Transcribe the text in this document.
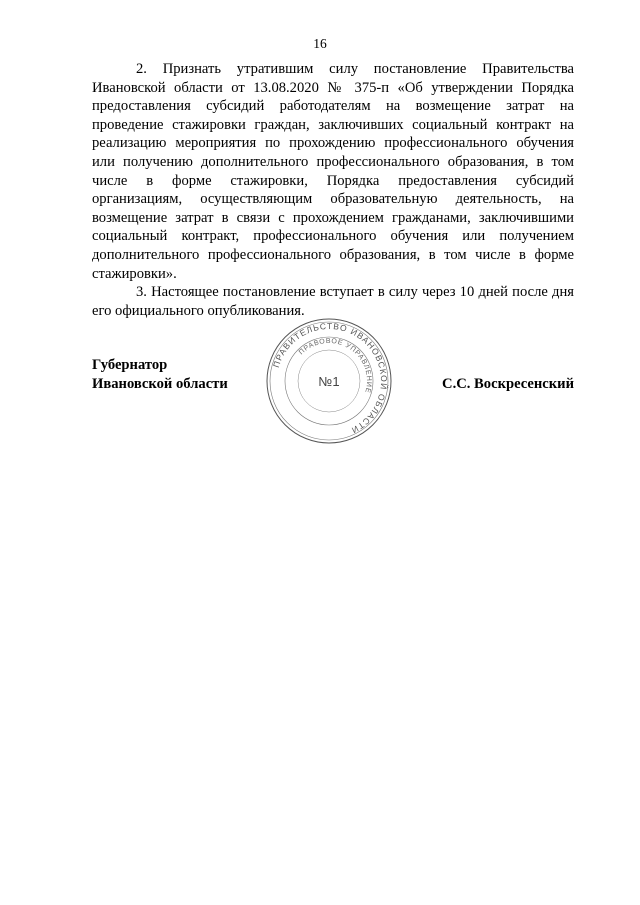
16

2. Признать утратившим силу постановление Правительства Ивановской области от 13.08.2020 № 375-п «Об утверждении Порядка предоставления субсидий работодателям на возмещение затрат на проведение стажировки граждан, заключивших социальный контракт на реализацию мероприятия по прохождению профессионального обучения или получению дополнительного профессионального образования, в том числе в форме стажировки, Порядка предоставления субсидий организациям, осуществляющим образовательную деятельность, на возмещение затрат в связи с прохождением гражданами, заключившими социальный контракт, профессионального обучения или получением дополнительного профессионального образования, в том числе в форме стажировки».

3. Настоящее постановление вступает в силу через 10 дней после дня его официального опубликования.

Губернатор
Ивановской области
ПРАВИТЕЛЬСТВО ИВАНОВСКОЙ ОБЛАСТИ
ПРАВОВОЕ УПРАВЛЕНИЕ
№1	С.С. Воскресенский
